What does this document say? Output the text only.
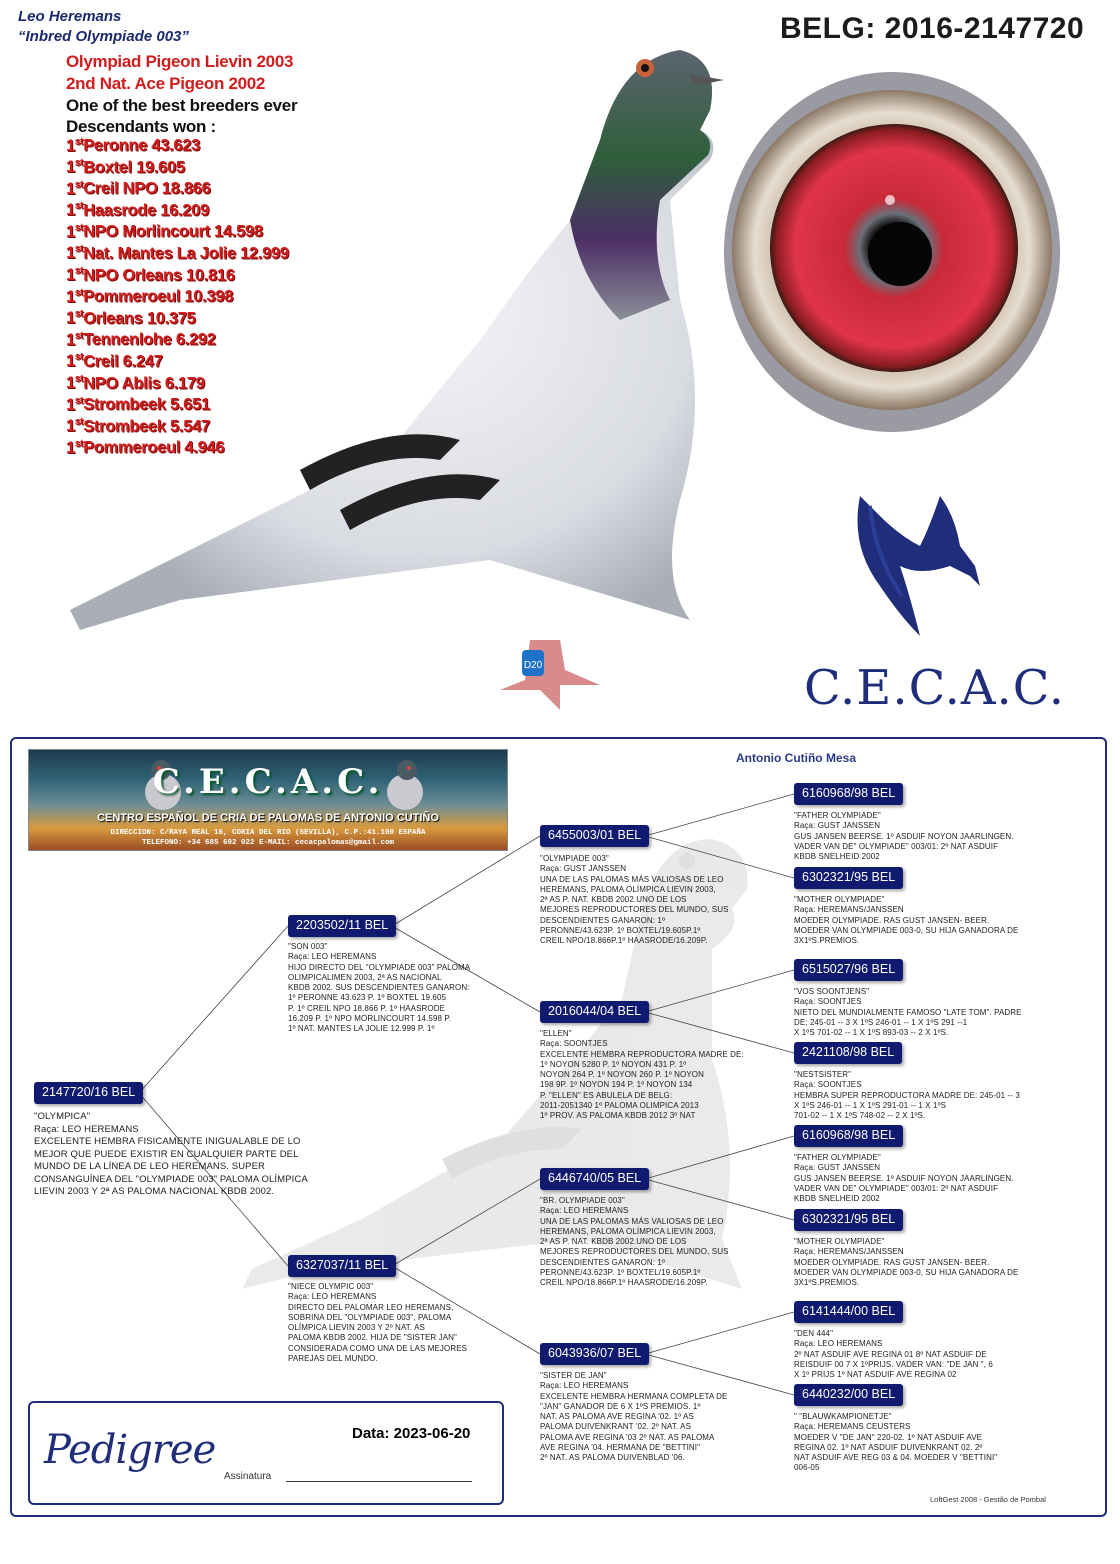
Leo Heremans
“Inbred Olympiade 003”
Olympiad Pigeon Lievin 2003
2nd Nat. Ace Pigeon 2002
One of the best breeders ever
Descendants won :
1stPeronne 43.623
1stBoxtel 19.605
1stCreil NPO 18.866
1stHaasrode 16.209
1stNPO Morlincourt 14.598
1stNat. Mantes La Jolie 12.999
1stNPO Orleans 10.816
1stPommeroeul 10.398
1stOrleans 10.375
1stTennenlohe 6.292
1stCreil 6.247
1stNPO Ablis 6.179
1stStrombeek 5.651
1stStrombeek 5.547
1stPommeroeul 4.946
D20
BELG: 2016-2147720
C.E.C.A.C.
C.E.C.A.C.
CENTRO ESPAÑOL DE CRIA DE PALOMAS DE ANTONIO CUTIÑO
DIRECCION: C/RAYA REAL 16, CORIA DEL RIO (SEVILLA), C.P.:41.100 ESPAÑA
TELEFONO: +34 685 692 022 E-MAIL: cecacpalomas@gmail.com
Antonio Cutiño Mesa
2147720/16 BEL
"OLYMPICA"
Raça: LEO HEREMANS
EXCELENTE HEMBRA FISICAMENTE INIGUALABLE DE LO
MEJOR QUE PUEDE EXISTIR EN CUALQUIER PARTE DEL
MUNDO DE LA LÍNEA DE LEO HEREMANS. SUPER
CONSANGUÍNEA DEL "OLYMPIADE 003" PALOMA OLÍMPICA
LIEVIN 2003 Y 2ª AS PALOMA NACIONAL KBDB 2002.
2203502/11 BEL
"SON 003"
Raça: LEO HEREMANS
HIJO DIRECTO DEL "OLYMPIADE 003" PALOMA
OLIMPICALIMEN 2003, 2ª AS NACIONAL
KBDB 2002. SUS DESCENDIENTES GANARON:
1º PERONNE 43.623 P. 1º BOXTEL 19.605
P. 1º CREIL NPO 18.866 P. 1º HAASRODE
16.209 P. 1º NPO MORLINCOURT 14.598 P.
1º NAT. MANTES LA JOLIE 12.999 P. 1º
6327037/11 BEL
"NIECE OLYMPIC 003"
Raça: LEO HEREMANS
DIRECTO DEL PALOMAR LEO HEREMANS,
SOBRINA DEL "OLYMPIADE 003", PALOMA
OLÍMPICA LIEVIN 2003 Y 2º NAT. AS
PALOMA KBDB 2002. HIJA DE "SISTER JAN"
CONSIDERADA COMO UNA DE LAS MEJORES
PAREJAS DEL MUNDO.
6455003/01 BEL
"OLYMPIADE 003"
Raça: GUST JANSSEN
UNA DE LAS PALOMAS MÁS VALIOSAS DE LEO
HEREMANS, PALOMA OLÍMPICA LIEVIN 2003,
2ª AS P. NAT. KBDB 2002.UNO DE LOS
MEJORES REPRODUCTORES DEL MUNDO, SUS
DESCENDIENTES GANARON: 1º
PERONNE/43.623P. 1º BOXTEL/19.605P.1º
CREIL NPO/18.866P.1º HAASRODE/16.209P.
2016044/04 BEL
"ELLEN"
Raça: SOONTJES
EXCELENTE HEMBRA REPRODUCTORA MADRE DE:
1º NOYON 5280 P. 1º NOYON 431 P. 1º
NOYON 264 P. 1º NOYON 260 P. 1º NOYON
198 9P. 1º NOYON 194 P. 1º NOYON 134
P. "ELLEN" ES ABULELA DE BELG:
2011-2051340 1º PALOMA OLIMPICA 2013
1º PROV. AS PALOMA KBDB 2012 3º NAT
6446740/05 BEL
"BR. OLYMPIADE 003"
Raça: LEO HEREMANS
UNA DE LAS PALOMAS MÁS VALIOSAS DE LEO
HEREMANS, PALOMA OLÍMPICA LIEVIN 2003,
2ª AS P. NAT. KBDB 2002.UNO DE LOS
MEJORES REPRODUCTORES DEL MUNDO, SUS
DESCENDIENTES GANARON: 1º
PERONNE/43.623P. 1º BOXTEL/19.605P.1º
CREIL NPO/18.866P.1º HAASRODE/16.209P.
6043936/07 BEL
"SISTER DE JAN"
Raça: LEO HEREMANS
EXCELENTE HEMBRA HERMANA COMPLETA DE
"JAN" GANADOR DE 6 X 1ºS PREMIOS. 1º
NAT. AS PALOMA AVE REGINA '02. 1º AS
PALOMA DUIVENKRANT '02. 2º NAT. AS
PALOMA AVE REGINA '03 2º NAT. AS PALOMA
AVE REGINA '04. HERMANA DE "BETTINI"
2º NAT. AS PALOMA DUIVENBLAD '06.
6160968/98 BEL
"FATHER OLYMPIADE"
Raça: GUST JANSSEN
GUS JANSEN BEERSE. 1º ASDUIF NOYON JAARLINGEN.
VADER VAN DE" OLYMPIADE" 003/01: 2º NAT ASDUIF
KBDB SNELHEID 2002
6302321/95 BEL
"MOTHER OLYMPIADE"
Raça: HEREMANS/JANSSEN
MOEDER OLYMPIADE. RAS GUST JANSEN- BEER.
MOEDER VAN OLYMPIADE 003-0, SU HIJA GANADORA DE
3X1ºS.PREMIOS.
6515027/96 BEL
"VOS SOONTJENS"
Raça: SOONTJES
NIETO DEL MUNDIALMENTE FAMOSO "LATE TOM". PADRE
DE: 245-01 -- 3 X 1ºS 246-01 -- 1 X 1ºS 291 --1
X 1ºS 701-02 -- 1 X 1ºS 893-03 -- 2 X 1ºS.
2421108/98 BEL
"NESTSISTER"
Raça: SOONTJES
HEMBRA SUPER REPRODUCTORA MADRE DE: 245-01 -- 3
X 1ºS 246-01 -- 1 X 1ºS 291-01 -- 1 X 1ºS
701-02 -- 1 X 1ºS 748-02 -- 2 X 1ºS.
6160968/98 BEL
"FATHER OLYMPIADE"
Raça: GUST JANSSEN
GUS JANSEN BEERSE. 1º ASDUIF NOYON JAARLINGEN.
VADER VAN DE" OLYMPIADE" 003/01: 2º NAT ASDUIF
KBDB SNELHEID 2002
6302321/95 BEL
"MOTHER OLYMPIADE"
Raça: HEREMANS/JANSSEN
MOEDER OLYMPIADE. RAS GUST JANSEN- BEER.
MOEDER VAN OLYMPIADE 003-0, SU HIJA GANADORA DE
3X1ºS.PREMIOS.
6141444/00 BEL
"DEN 444"
Raça: LEO HEREMANS
2º NAT ASDUIF AVE REGINA 01 8º NAT ASDUIF DE
REISDUIF 00 7 X 1ºPRIJS. VADER VAN: "DE JAN ", 6
X 1º PRIJS 1º NAT ASDUIF AVE REGINA 02
6440232/00 BEL
" "BLAUWKAMPIONETJE"
Raça: HEREMANS CEUSTERS
MOEDER V "DE JAN" 220-02. 1º NAT ASDUIF AVE
REGINA 02. 1º NAT ASDUIF DUIVENKRANT 02. 2º
NAT ASDUIF AVE REG 03 & 04. MOEDER V "BETTINI"
006-05
Pedigree	Data: 2023-06-20
Assinatura
LoftGest 2008 - Gestão de Pombal
